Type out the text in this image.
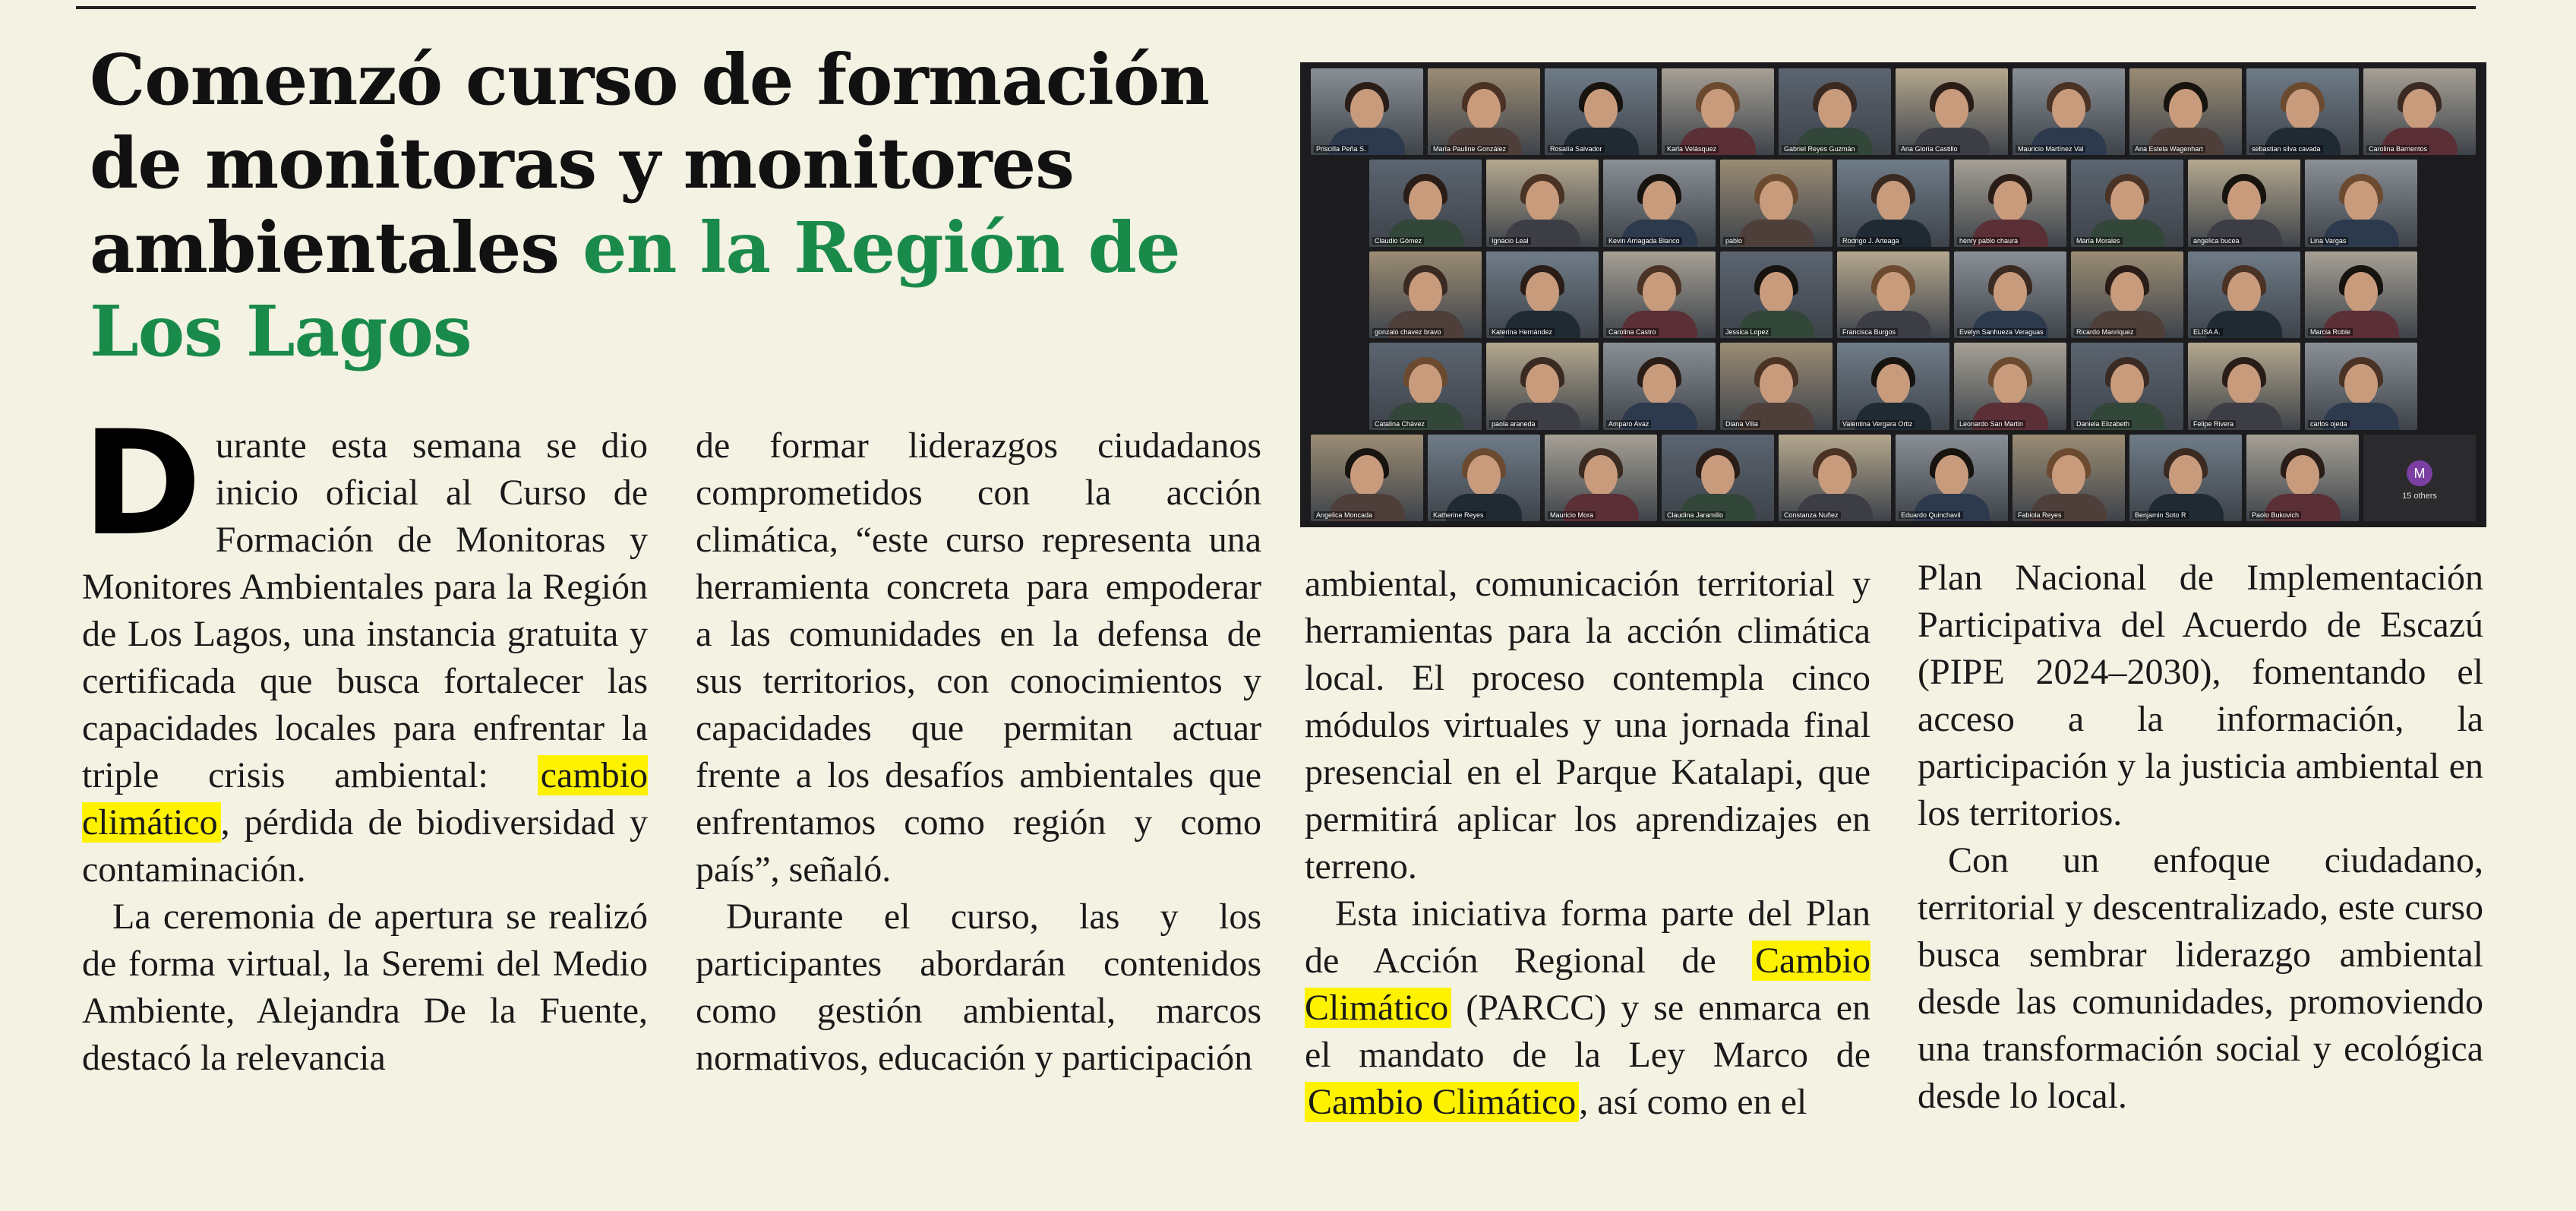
Comenzó curso de formación de monitoras y monitores ambientales en la Región de Los Lagos
Priscilla Peña S.	María Pauline González	Rosalía Salvador	Karla Velásquez	Gabriel Reyes Guzmán	Ana Gloria Castillo	Mauricio Martínez Val	Ana Estela Wagenhart	sebastian silva cavada	Carolina Barrientos
Claudio Gómez	Ignacio Leal	Kevin Arriagada Blanco	pablo	Rodrigo J. Arteaga	henry pablo chaura	María Morales	angelica bucea	Lina Vargas
gonzalo chavez bravo	Katerina Hernández	Carolina Castro	Jessica Lopez	Francisca Burgos	Evelyn Sanhueza Veraguas	Ricardo Manriquez	ELISA A.	Marcia Roble
Catalina Chávez	paola araneda	Amparo Avaz	Diana Villa	Valentina Vergara Ortiz	Leonardo San Martin	Daniela Elizabeth	Felipe Rivera	carlos ojeda
Angelica Moncada	Katherine Reyes	Mauricio Mora	Claudina Jaramillo	Constanza Nuñez	Eduardo Quinchavil	Fabiola Reyes	Benjamin Soto R	Paolo Bukovich
M
15 others

Durante esta semana se dio inicio oficial al Curso de Formación de Monitoras y Monitores Ambientales para la Región de Los Lagos, una instancia gratuita y certificada que busca fortalecer las capacidades locales para enfrentar la triple crisis ambiental: cambio climático, pérdida de biodiversidad y contaminación.

La ceremonia de apertura se realizó de forma virtual, la Seremi del Medio Ambiente, Alejandra De la Fuente, destacó la relevancia

de formar liderazgos ciudadanos comprometidos con la acción climática, “este curso representa una herramienta concreta para empoderar a las comunidades en la defensa de sus territorios, con conocimientos y capacidades que permitan actuar frente a los desafíos ambientales que enfrentamos como región y como país”, señaló.

Durante el curso, las y los participantes abordarán contenidos como gestión ambiental, marcos normativos, educación y participación

ambiental, comunicación territorial y herramientas para la acción climática local. El proceso contempla cinco módulos virtuales y una jornada final presencial en el Parque Katalapi, que permitirá aplicar los aprendizajes en terreno.

Esta iniciativa forma parte del Plan de Acción Regional de Cambio Climático (PARCC) y se enmarca en el mandato de la Ley Marco de Cambio Climático, así como en el

Plan Nacional de Implementación Participativa del Acuerdo de Escazú (PIPE 2024–2030), fomentando el acceso a la información, la participación y la justicia ambiental en los territorios.

Con un enfoque ciudadano, territorial y descentralizado, este curso busca sembrar liderazgo ambiental desde las comunidades, promoviendo una transformación social y ecológica desde lo local.
